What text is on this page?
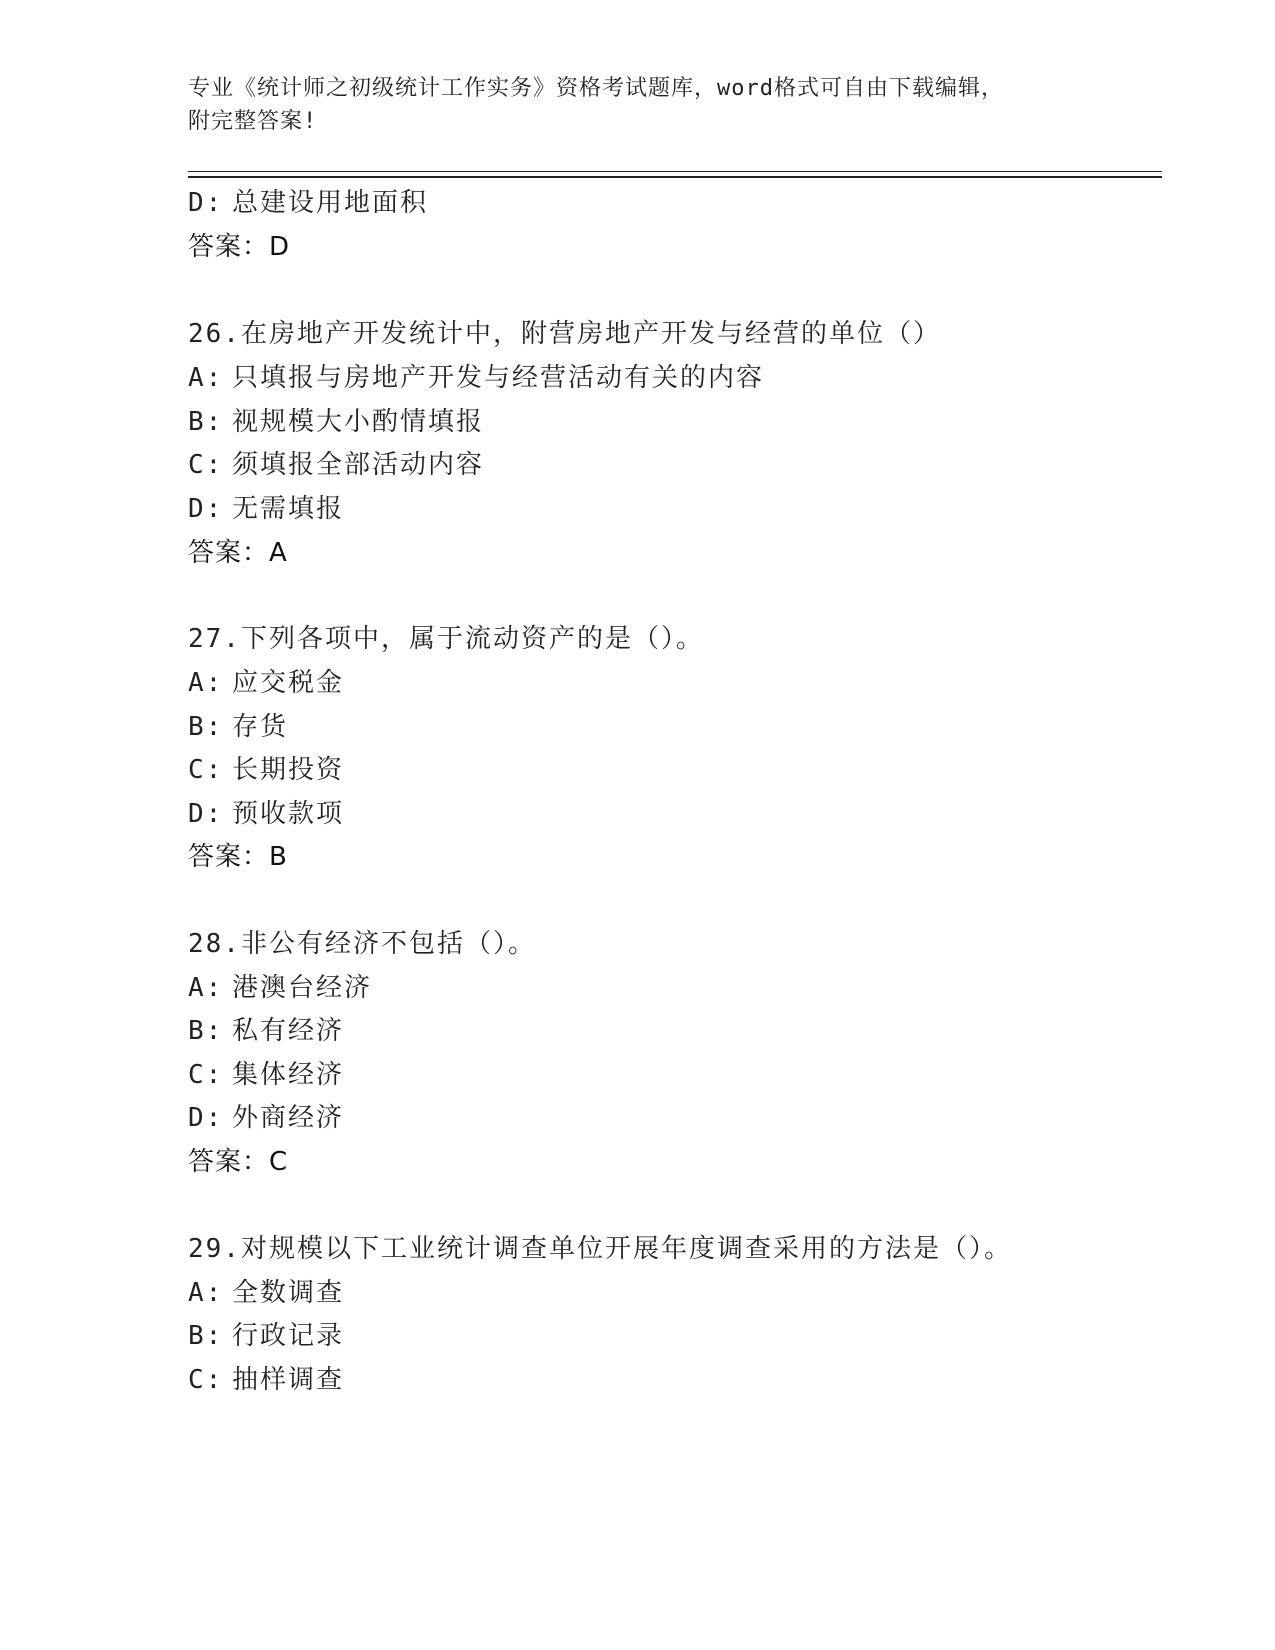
专业《统计师之初级统计工作实务》资格考试题库，word格式可自由下载编辑，

附完整答案!

D: 总建设用地面积
答案：D
26.在房地产开发统计中，附营房地产开发与经营的单位（）
A: 只填报与房地产开发与经营活动有关的内容
B: 视规模大小酌情填报
C: 须填报全部活动内容
D: 无需填报
答案：A
27.下列各项中，属于流动资产的是（）。
A: 应交税金
B: 存货
C: 长期投资
D: 预收款项
答案：B
28.非公有经济不包括（）。
A: 港澳台经济
B: 私有经济
C: 集体经济
D: 外商经济
答案：C
29.对规模以下工业统计调查单位开展年度调查采用的方法是（）。
A: 全数调查
B: 行政记录
C: 抽样调查
